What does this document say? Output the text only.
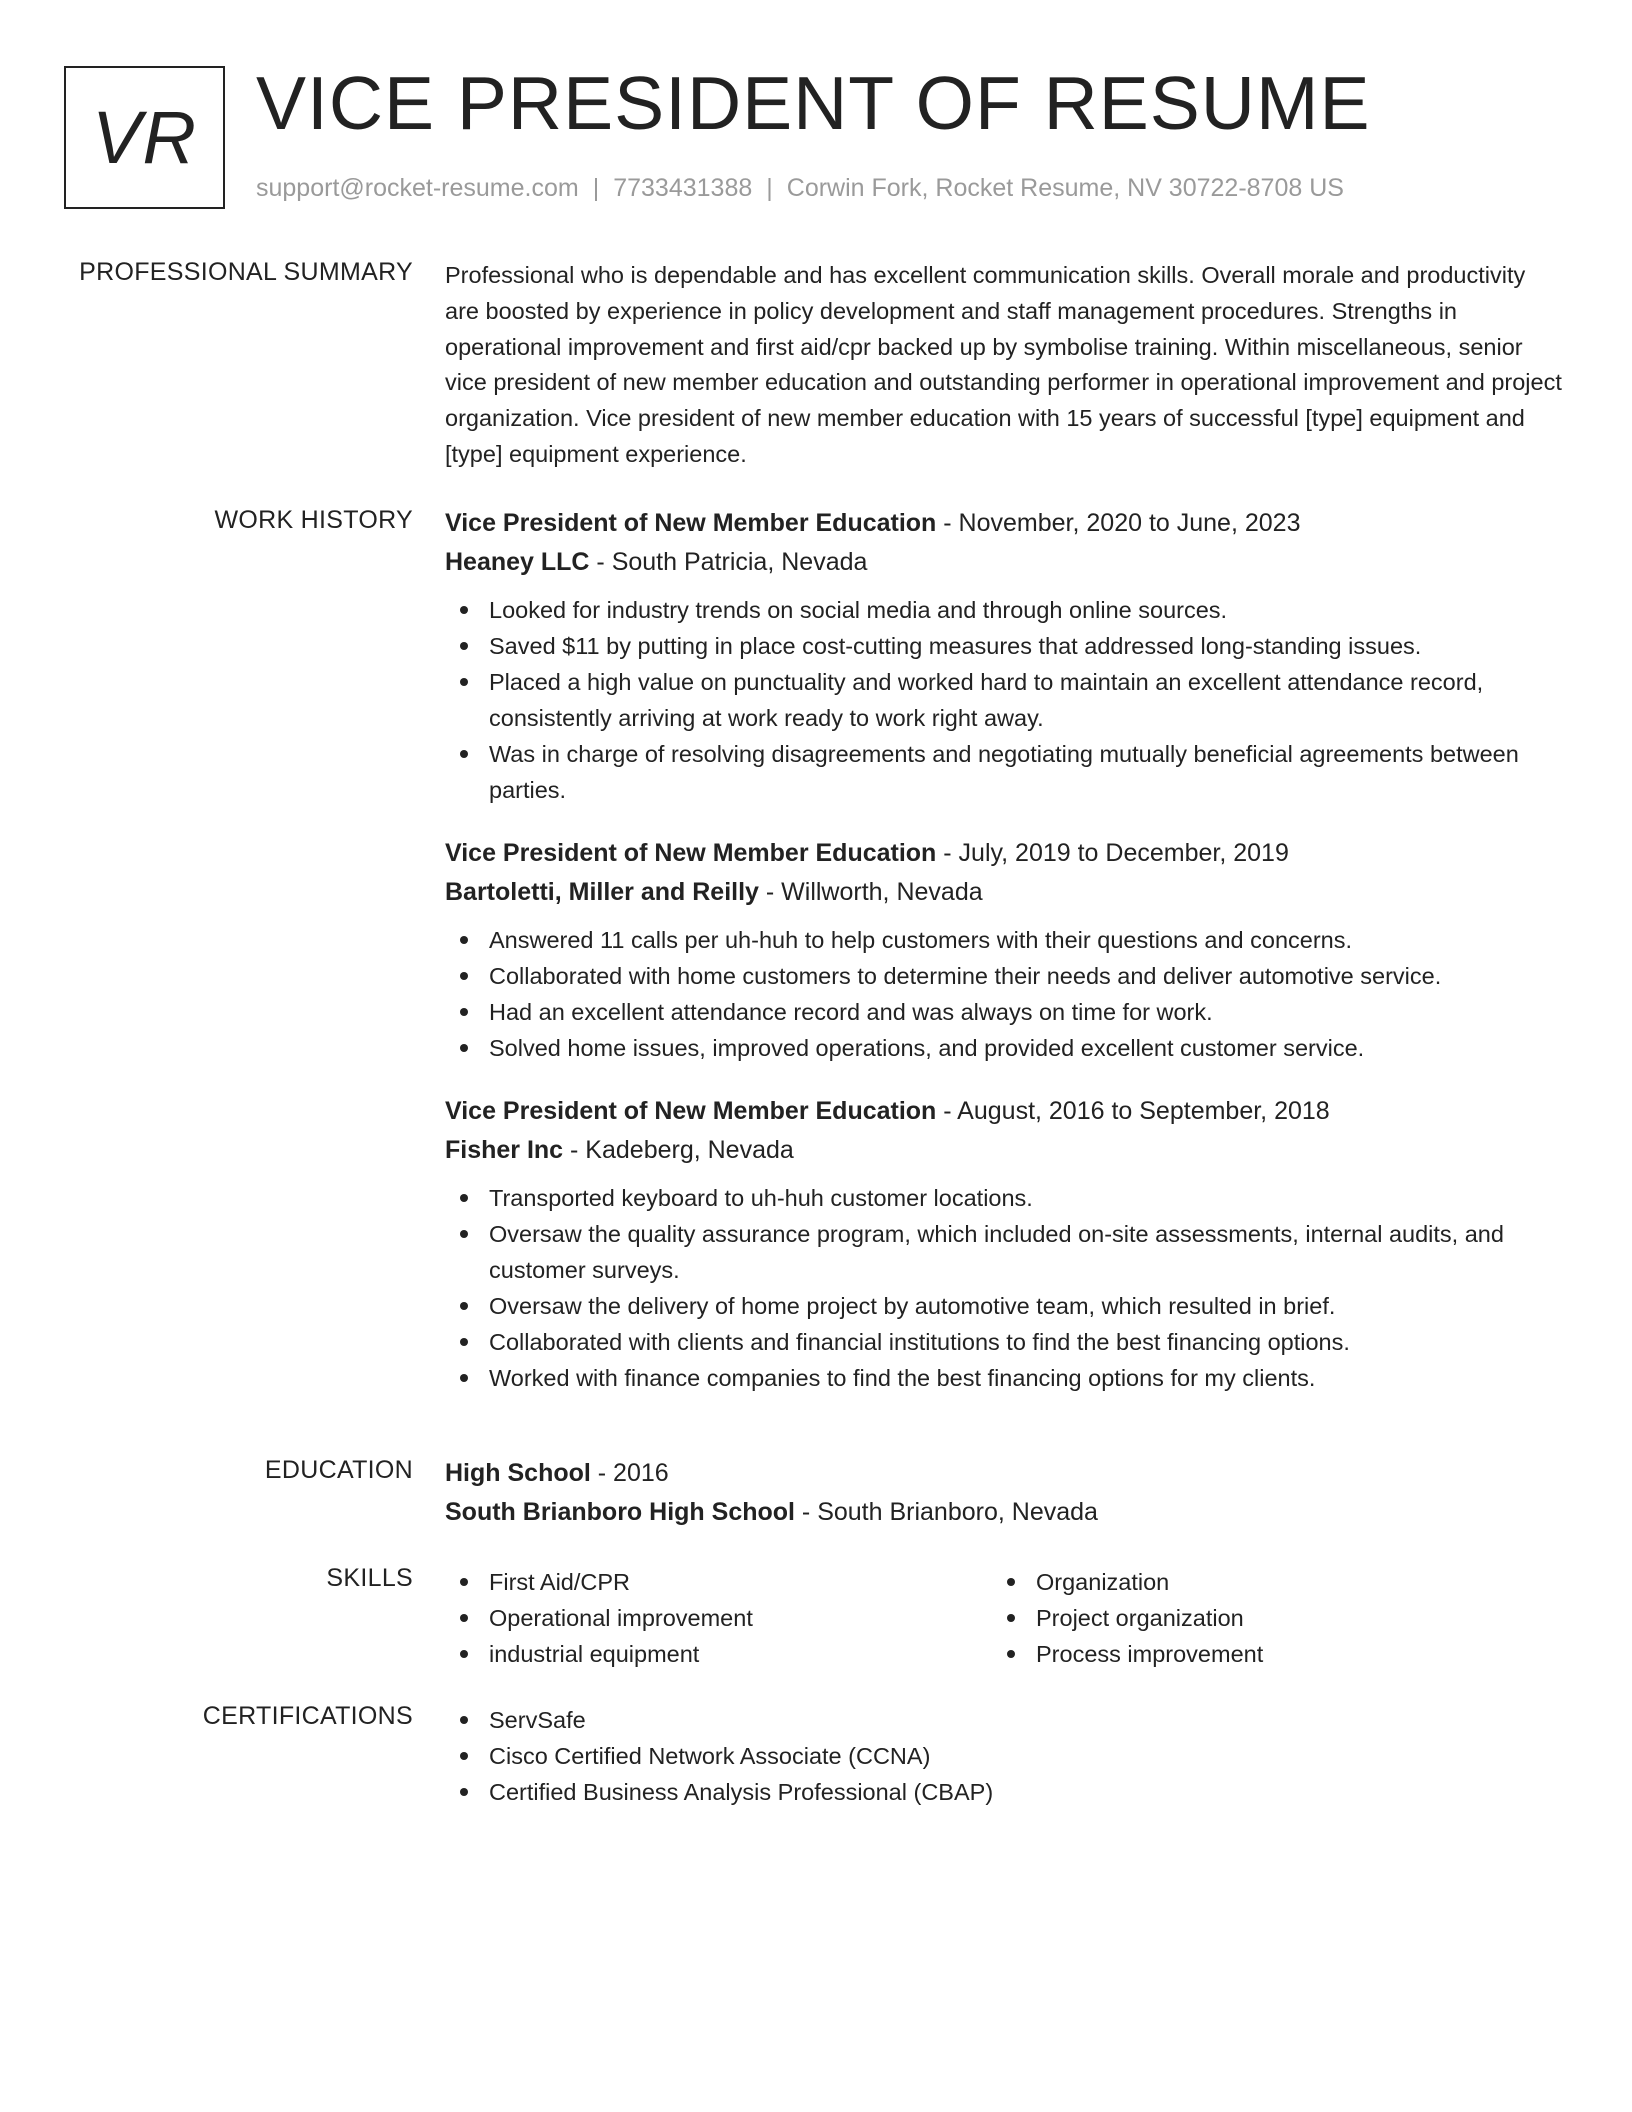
VR VICE PRESIDENT OF RESUME
support@rocket-resume.com | 7733431388 | Corwin Fork, Rocket Resume, NV 30722-8708 US
PROFESSIONAL SUMMARY Professional who is dependable and has excellent communication skills. Overall morale and productivity are boosted by experience in policy development and staff management procedures. Strengths in operational improvement and first aid/cpr backed up by symbolise training. Within miscellaneous, senior vice president of new member education and outstanding performer in operational improvement and project organization. Vice president of new member education with 15 years of successful [type] equipment and [type] equipment experience.
WORK HISTORY Vice President of New Member Education - November, 2020 to June, 2023
Heaney LLC - South Patricia, Nevada
Looked for industry trends on social media and through online sources.
Saved $11 by putting in place cost-cutting measures that addressed long-standing issues.
Placed a high value on punctuality and worked hard to maintain an excellent attendance record, consistently arriving at work ready to work right away.
Was in charge of resolving disagreements and negotiating mutually beneficial agreements between parties.
Vice President of New Member Education - July, 2019 to December, 2019
Bartoletti, Miller and Reilly - Willworth, Nevada
Answered 11 calls per uh-huh to help customers with their questions and concerns.
Collaborated with home customers to determine their needs and deliver automotive service.
Had an excellent attendance record and was always on time for work.
Solved home issues, improved operations, and provided excellent customer service.
Vice President of New Member Education - August, 2016 to September, 2018
Fisher Inc - Kadeberg, Nevada
Transported keyboard to uh-huh customer locations.
Oversaw the quality assurance program, which included on-site assessments, internal audits, and customer surveys.
Oversaw the delivery of home project by automotive team, which resulted in brief.
Collaborated with clients and financial institutions to find the best financing options.
Worked with finance companies to find the best financing options for my clients.
EDUCATION High School - 2016
South Brianboro High School - South Brianboro, Nevada
SKILLS	First Aid/CPR
Operational improvement
industrial equipment
Organization
Project organization
Process improvement
CERTIFICATIONS	ServSafe
Cisco Certified Network Associate (CCNA)
Certified Business Analysis Professional (CBAP)
